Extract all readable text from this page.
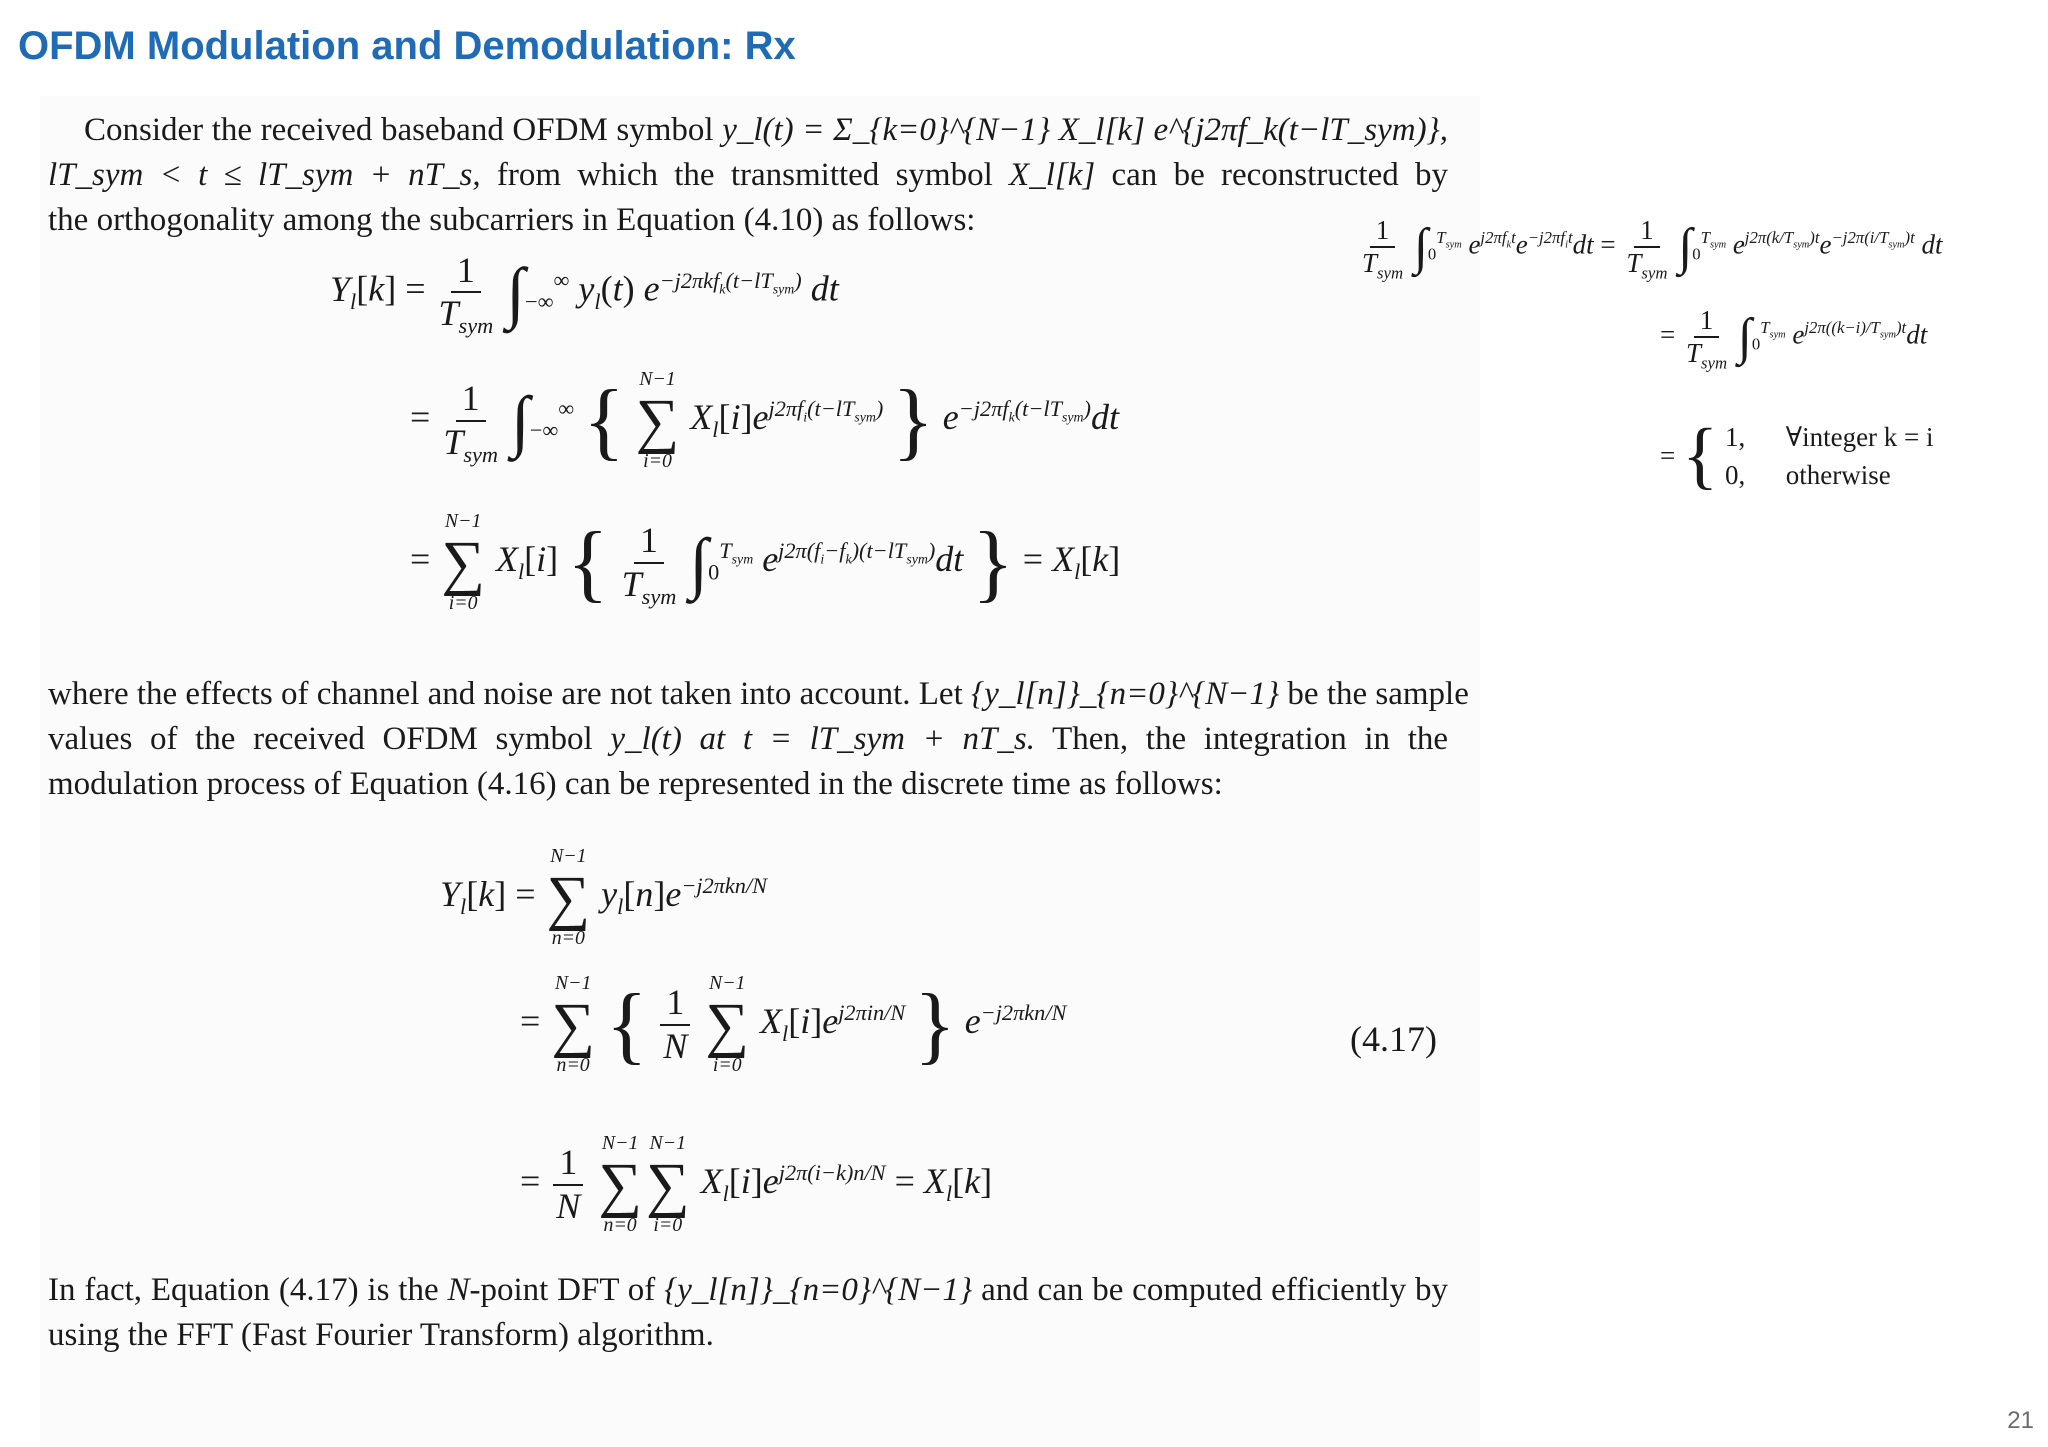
OFDM Modulation and Demodulation: Rx
Consider the received baseband OFDM symbol y_l(t) = Σ_{k=0}^{N−1} X_l[k] e^{j2πf_k(t−lT_sym)},
lT_sym < t ≤ lT_sym + nT_s, from which the transmitted symbol X_l[k] can be reconstructed by
the orthogonality among the subcarriers in Equation (4.10) as follows:
$Y_l[k] = \frac{1}{T_{sym}} \int_{-\infty}^\infty$ $y_l(t)$ $e^{-j2\pi kf_k(t-lT_{sym})}$ dt
= $\frac{1}{T_{sym}} \int_{-\infty}^\infty$ { N−1
∑
i=0
$X_l[i]e^{j2\pi f_i(t-lT_{sym})}$ } $e^{-j2\pi f_k(t-lT_{sym})}dt$
=
N−1
∑
i=0
$X_l[i]$ { $\frac{1}{T_{sym}} \int_0^{T_{sym}}$ $e^{j2\pi(f_i-f_k)(t-lT_{sym})}dt$ } = $X_l[k]$
$\frac{1}{T_{sym}} \int_0^{T_{sym}}$ $e^{j2\pi f_kt}e^{-j2\pi f_it}dt = \frac{1}{T_{sym}} \int_0^{T_{sym}}$ $e^{j2\pi(k/T_{sym})t}e^{-j2\pi(i/T_{sym})t}$ dt
= $\frac{1}{T_{sym}} \int_0^{T_{sym}}$ $e^{j2\pi((k-i)/T_{sym})t}dt$
= { 1, ∀integer k = i
0, otherwise
where the effects of channel and noise are not taken into account. Let {y_l[n]}_{n=0}^{N−1} be the sample
values of the received OFDM symbol y_l(t) at t = lT_sym + nT_s. Then, the integration in the
modulation process of Equation (4.16) can be represented in the discrete time as follows:
$Y_l[k]$ =
N−1
∑
n=0
$y_l[n]e^{-j2\pi kn/N}$
=
N−1
∑
n=0 { $\frac{1}{N}$
N−1
∑
i=0
$X_l[i]e^{j2\pi in/N}$ } $e^{-j2\pi kn/N}$
(4.17)
= $\frac{1}{N}$
N−1
∑
n=0
N−1
∑
i=0
$X_l[i]e^{j2\pi(i-k)n/N} = X_l[k]$
In fact, Equation (4.17) is the N-point DFT of {y_l[n]}_{n=0}^{N−1} and can be computed efficiently by
using the FFT (Fast Fourier Transform) algorithm.
21
